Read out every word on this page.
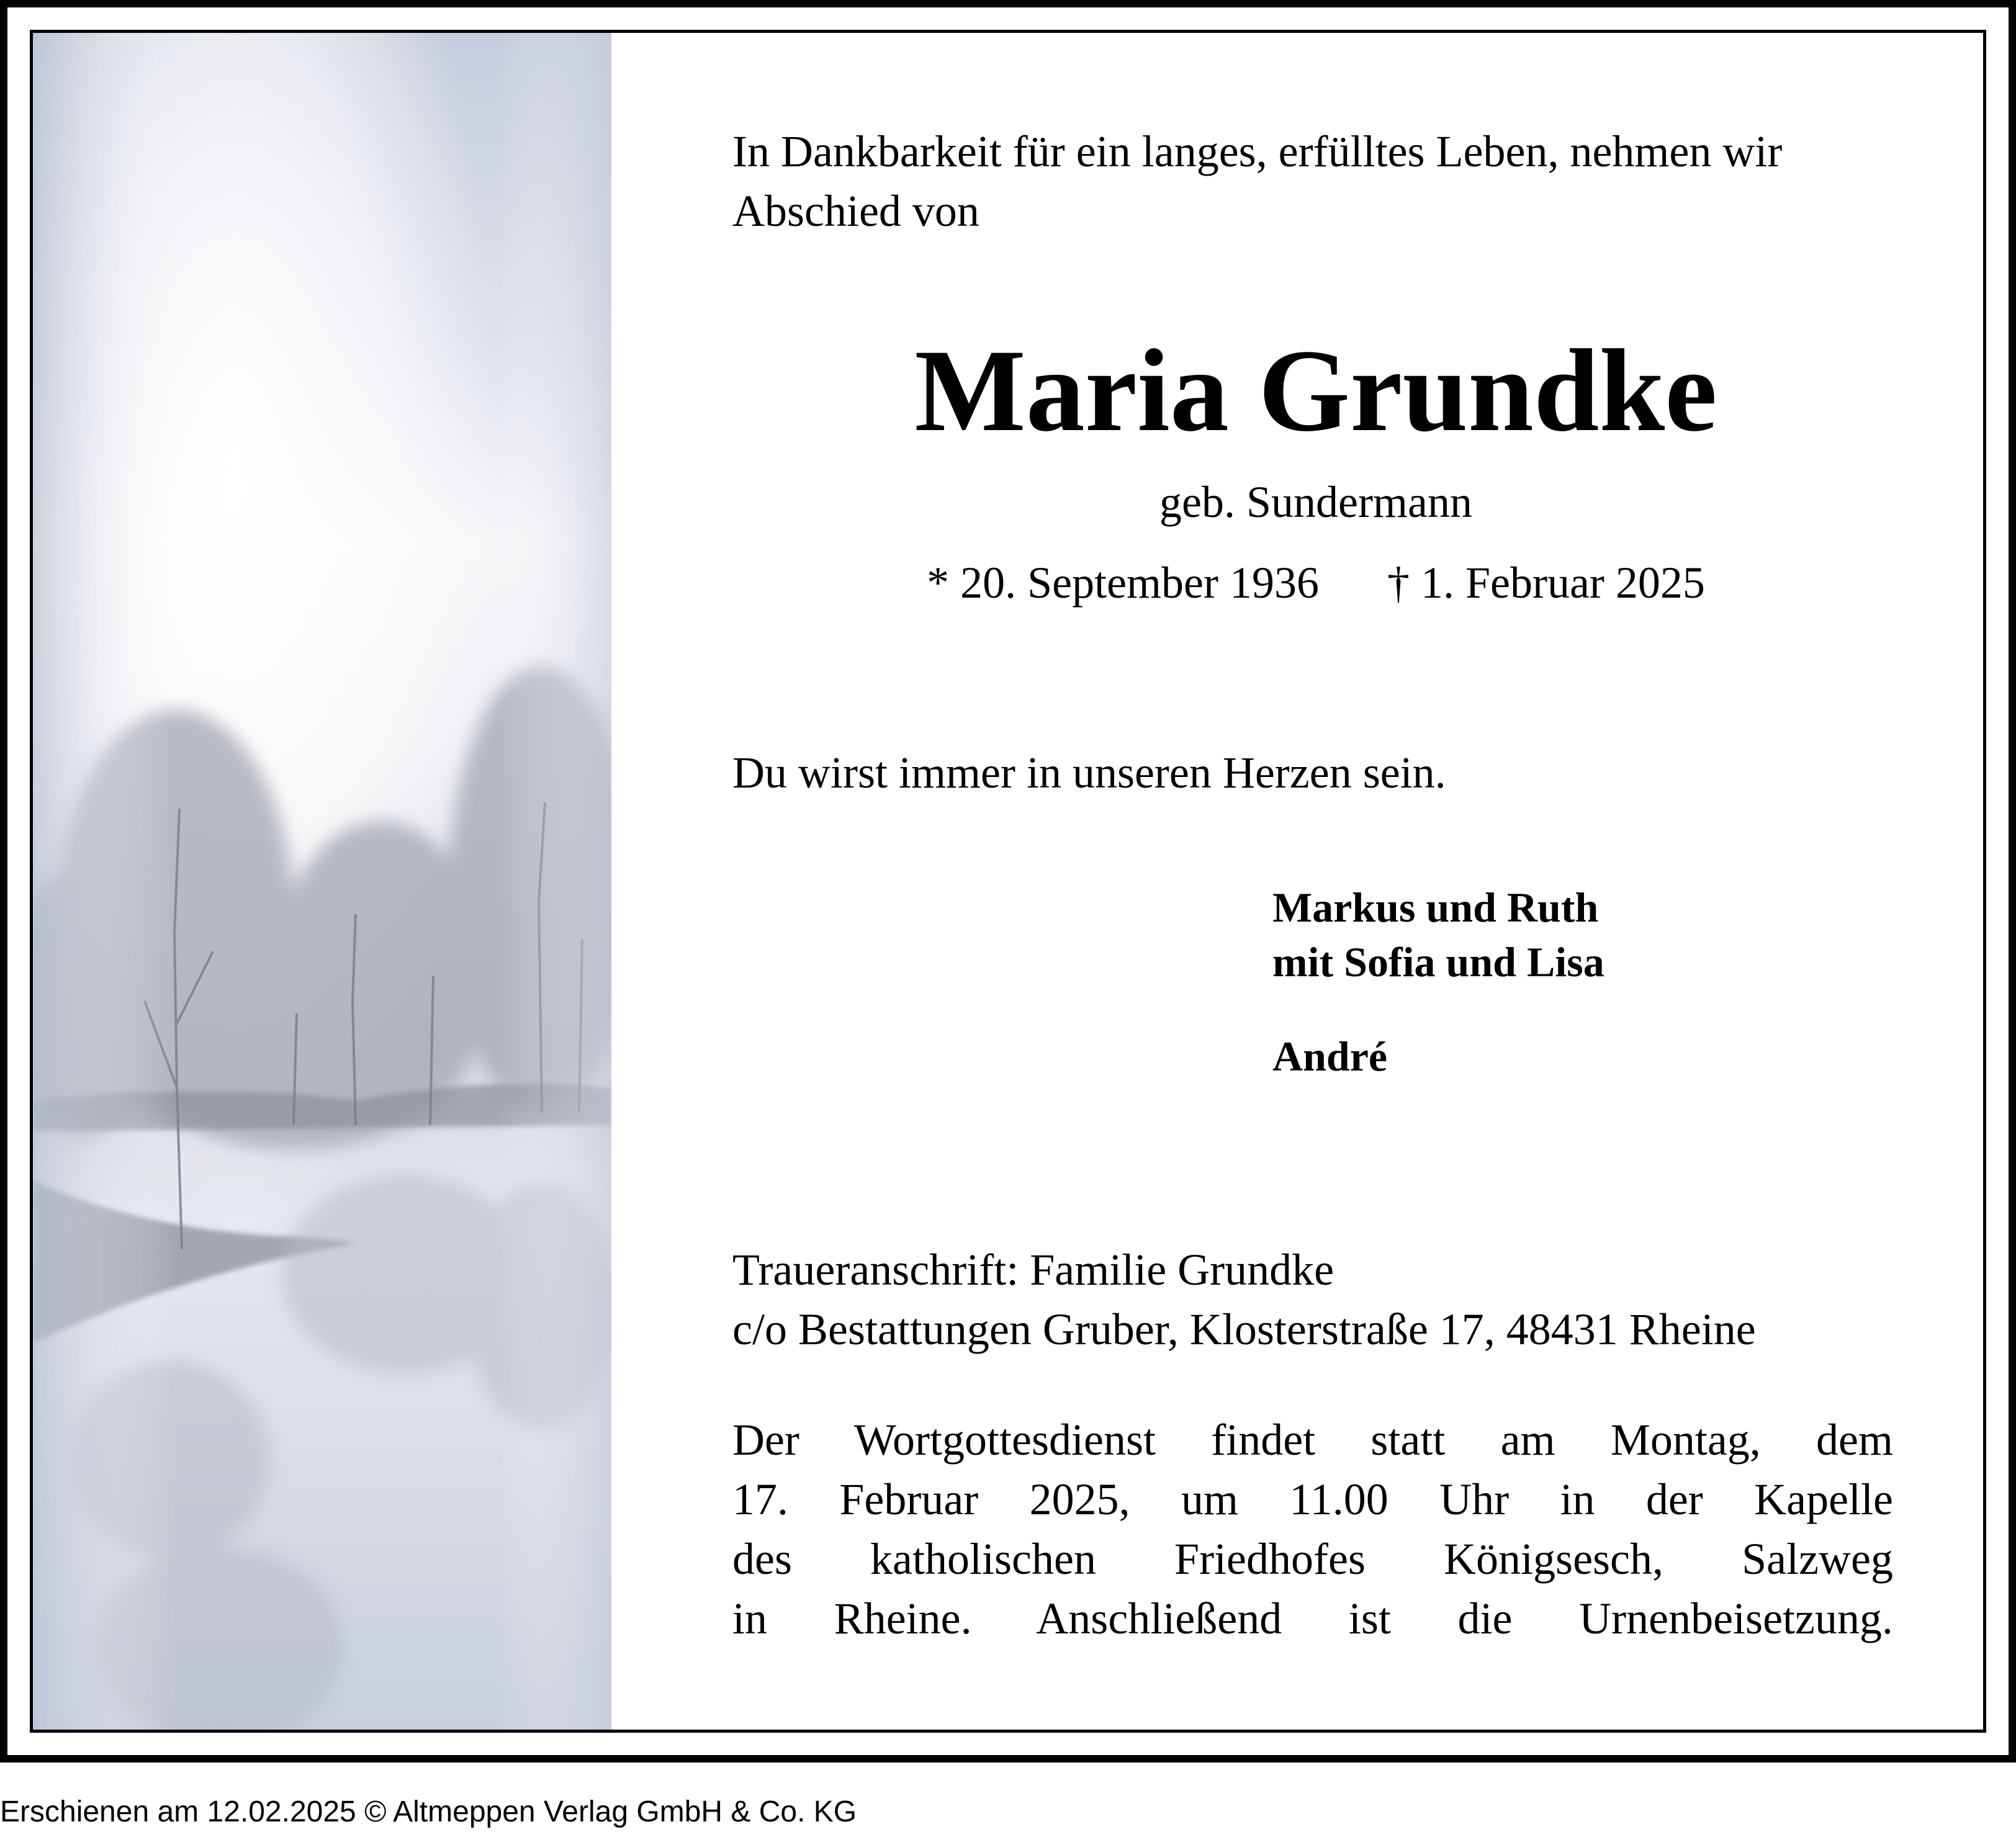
In Dankbarkeit für ein langes, erfülltes Leben, nehmen wir Abschied von
Maria Grundke
geb. Sundermann
* 20. September 1936 † 1. Februar 2025
Du wirst immer in unseren Herzen sein.
Markus und Ruth
mit Sofia und Lisa
André
Traueranschrift: Familie Grundke
c/o Bestattungen Gruber, Klosterstraße 17, 48431 Rheine
Der Wortgottesdienst findet statt am Montag, dem
17. Februar 2025, um 11.00 Uhr in der Kapelle
des katholischen Friedhofes Königsesch, Salzweg
in Rheine. Anschließend ist die Urnenbeisetzung.
Erschienen am 12.02.2025 © Altmeppen Verlag GmbH & Co. KG
